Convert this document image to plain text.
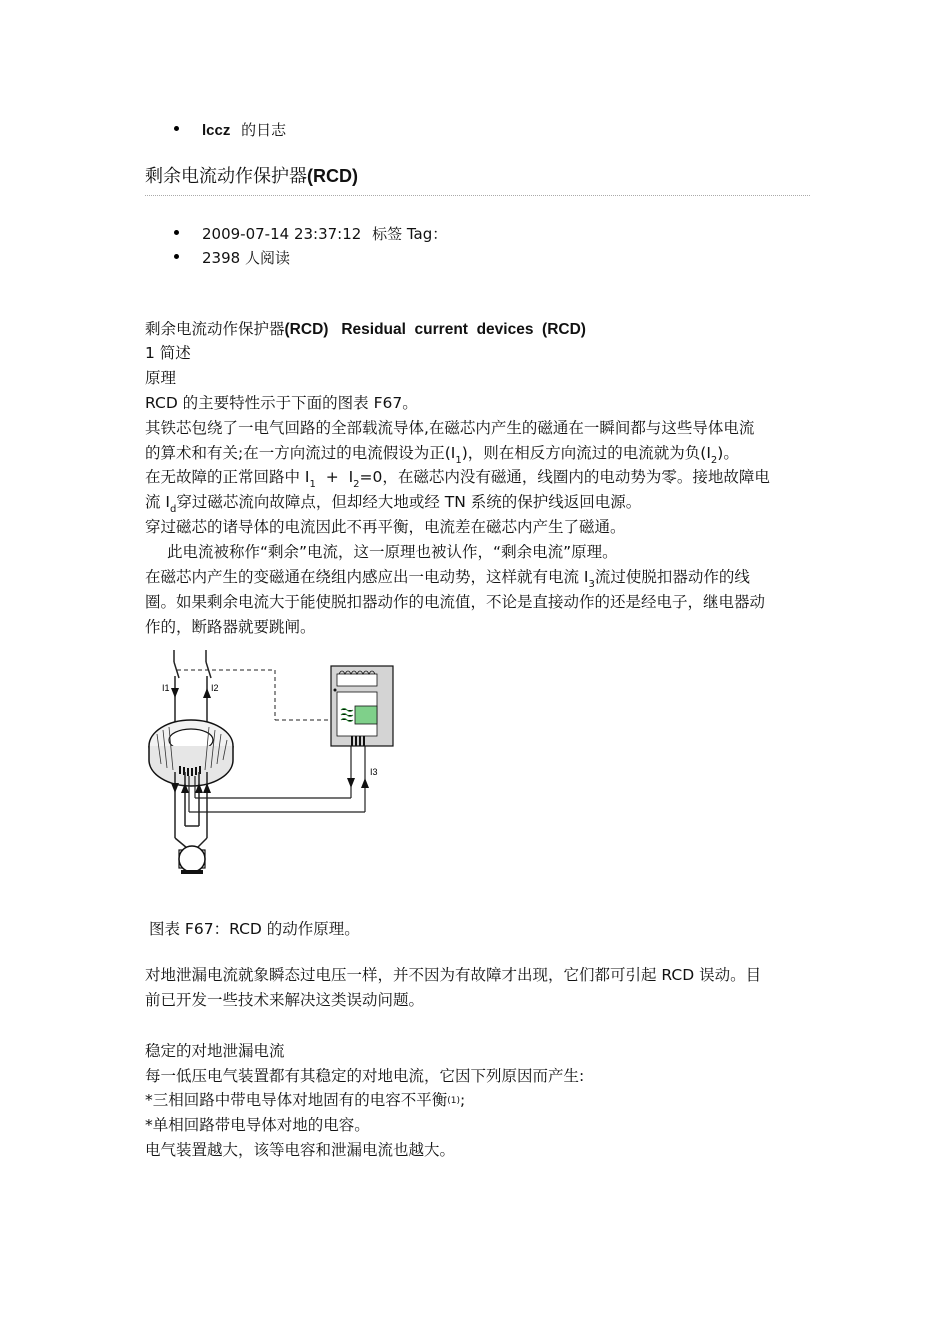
lccz 的日志
剩余电流动作保护器(RCD)
2009-07-14 23:37:12 标签 Tag：
2398 人阅读
剩余电流动作保护器(RCD)   Residual  current  devices  (RCD)
1 简述
原理
RCD 的主要特性示于下面的图表 F67。
其铁芯包绕了一电气回路的全部载流导体,在磁芯内产生的磁通在一瞬间都与这些导体电流
的算术和有关;在一方向流过的电流假设为正$(I_1)$，则在相反方向流过的电流就为负$(I_2)$。
在无故障的正常回路中 $I_1 + I_2=0$，在磁芯内没有磁通，线圈内的电动势为零。接地故障电
流 $I_d$穿过磁芯流向故障点，但却经大地或经 TN 系统的保护线返回电源。
穿过磁芯的诸导体的电流因此不再平衡，电流差在磁芯内产生了磁通。
此电流被称作“剩余”电流，这一原理也被认作，“剩余电流”原理。
在磁芯内产生的变磁通在绕组内感应出一电动势，这样就有电流 $I_3$流过使脱扣器动作的线
圈。如果剩余电流大于能使脱扣器动作的电流值，不论是直接动作的还是经电子，继电器动
作的，断路器就要跳闸。
I1	I2
I3
图表 F67：RCD 的动作原理。
对地泄漏电流就象瞬态过电压一样，并不因为有故障才出现，它们都可引起 RCD 误动。目
前已开发一些技术来解决这类误动问题。
稳定的对地泄漏电流
每一低压电气装置都有其稳定的对地电流，它因下列原因而产生:
*三相回路中带电导体对地固有的电容不平衡(1);
*单相回路带电导体对地的电容。
电气装置越大，该等电容和泄漏电流也越大。
